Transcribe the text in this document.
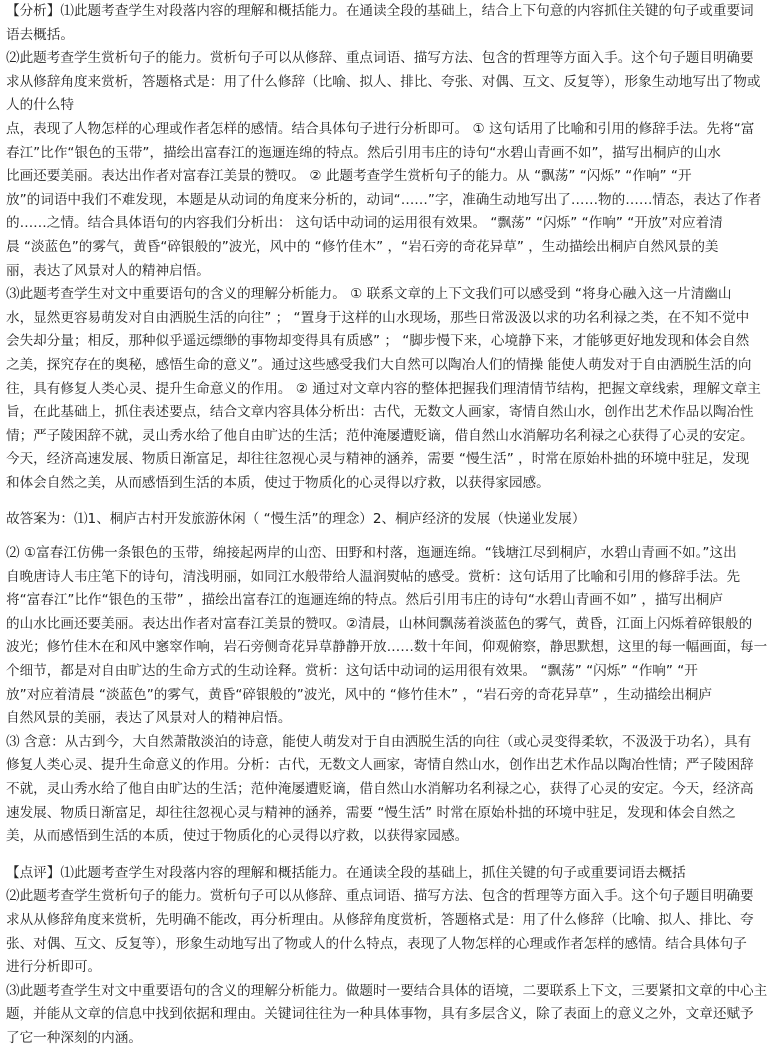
【分析】⑴此题考查学生对段落内容的理解和概括能力。在通读全段的基础上，结合上下句意的内容抓住关键的句子或重要词

语去概括。

⑵此题考查学生赏析句子的能力。赏析句子可以从修辞、重点词语、描写方法、包含的哲理等方面入手。这个句子题目明确要

求从修辞角度来赏析，答题格式是：用了什么修辞（比喻、拟人、排比、夸张、对偶、互文、反复等），形象生动地写出了物或人的什么特

点，表现了人物怎样的心理或作者怎样的感情。结合具体句子进行分析即可。 ① 这句话用了比喻和引用的修辞手法。先将“富

春江”比作“银色的玉带”，描绘出富春江的迤逦连绵的特点。然后引用韦庄的诗句“水碧山青画不如”，描写出桐庐的山水

比画还要美丽。表达出作者对富春江美景的赞叹。 ② 此题考查学生赏析句子的能力。从 “飘荡” “闪烁” “作响” “开

放”的词语中我们不难发现，本题是从动词的角度来分析的，动词“……”字，准确生动地写出了……物的……情态，表达了作者

的……之情。结合具体语句的内容我们分析出： 这句话中动词的运用很有效果。 “飘荡” “闪烁” “作响” “开放”对应着清

晨 “淡蓝色”的雾气，黄昏“碎银般的”波光，风中的 “修竹佳木” ，“岩石旁的奇花异草” ，生动描绘出桐庐自然风景的美

丽，表达了风景对人的精神启悟。

⑶此题考查学生对文中重要语句的含义的理解分析能力。 ① 联系文章的上下文我们可以感受到 “将身心融入这一片清幽山

水，显然更容易萌发对自由洒脱生活的向往” ； “置身于这样的山水现场，那些日常汲汲以求的功名利禄之类，在不知不觉中

会失却分量；相反，那种似乎遥远缥缈的事物却变得具有质感” ； “脚步慢下来，心境静下来，才能够更好地发现和体会自然

之美，探究存在的奥秘，感悟生命的意义”。通过这些感受我们大自然可以陶冶人们的情操 能使人萌发对于自由洒脱生活的向

往，具有修复人类心灵、提升生命意义的作用。 ② 通过对文章内容的整体把握我们理清情节结构，把握文章线索，理解文章主

旨，在此基础上，抓住表述要点，结合文章内容具体分析出：古代，无数文人画家，寄情自然山水，创作出艺术作品以陶冶性

情；严子陵困辞不就，灵山秀水给了他自由旷达的生活；范仲淹屡遭贬谪，借自然山水消解功名利禄之心获得了心灵的安定。

今天，经济高速发展、物质日渐富足，却往往忽视心灵与精神的涵养，需要 “慢生活” ，时常在原始朴拙的环境中驻足，发现

和体会自然之美，从而感悟到生活的本质，使过于物质化的心灵得以疗救，以获得家园感。

故答案为：⑴1、桐庐古村开发旅游休闲（ “慢生活”的理念）2、桐庐经济的发展（快递业发展）

⑵ ①富春江仿佛一条银色的玉带，绵接起两岸的山峦、田野和村落，迤逦连绵。“钱塘江尽到桐庐，水碧山青画不如。”这出

自晚唐诗人韦庄笔下的诗句，清浅明丽，如同江水般带给人温润熨帖的感受。赏析：这句话用了比喻和引用的修辞手法。先

将“富春江”比作“银色的玉带” ，描绘出富春江的迤逦连绵的特点。然后引用韦庄的诗句“水碧山青画不如” ，描写出桐庐

的山水比画还要美丽。表达出作者对富春江美景的赞叹。②清晨，山林间飘荡着淡蓝色的雾气，黄昏，江面上闪烁着碎银般的

波光；修竹佳木在和风中窸窣作响，岩石旁侧奇花异草静静开放……数十年间，仰观俯察，静思默想，这里的每一幅画面，每一

个细节，都是对自由旷达的生命方式的生动诠释。赏析：这句话中动词的运用很有效果。 “飘荡” “闪烁” “作响” “开

放”对应着清晨 “淡蓝色”的雾气，黄昏“碎银般的”波光，风中的 “修竹佳木” ，“岩石旁的奇花异草” ，生动描绘出桐庐

自然风景的美丽，表达了风景对人的精神启悟。

⑶ 含意：从古到今，大自然萧散淡泊的诗意，能使人萌发对于自由洒脱生活的向往（或心灵变得柔软，不汲汲于功名），具有

修复人类心灵、提升生命意义的作用。分析：古代，无数文人画家，寄情自然山水，创作出艺术作品以陶冶性情；严子陵困辞

不就，灵山秀水给了他自由旷达的生活；范仲淹屡遭贬谪，借自然山水消解功名利禄之心，获得了心灵的安定。今天，经济高

速发展、物质日渐富足，却往往忽视心灵与精神的涵养，需要 “慢生活” 时常在原始朴拙的环境中驻足，发现和体会自然之

美，从而感悟到生活的本质，使过于物质化的心灵得以疗救，以获得家园感。

【点评】⑴此题考查学生对段落内容的理解和概括能力。在通读全段的基础上，抓住关键的句子或重要词语去概括

⑵此题考查学生赏析句子的能力。赏析句子可以从修辞、重点词语、描写方法、包含的哲理等方面入手。这个句子题目明确要

求从从修辞角度来赏析，先明确不能改，再分析理由。从修辞角度赏析，答题格式是：用了什么修辞（比喻、拟人、排比、夸

张、对偶、互文、反复等），形象生动地写出了物或人的什么特点，表现了人物怎样的心理或作者怎样的感情。结合具体句子

进行分析即可。

⑶此题考查学生对文中重要语句的含义的理解分析能力。做题时一要结合具体的语境，二要联系上下文，三要紧扣文章的中心主

题，并能从文章的信息中找到依据和理由。关键词往往为一种具体事物，具有多层含义，除了表面上的意义之外，文章还赋予

了它一种深刻的内涵。
